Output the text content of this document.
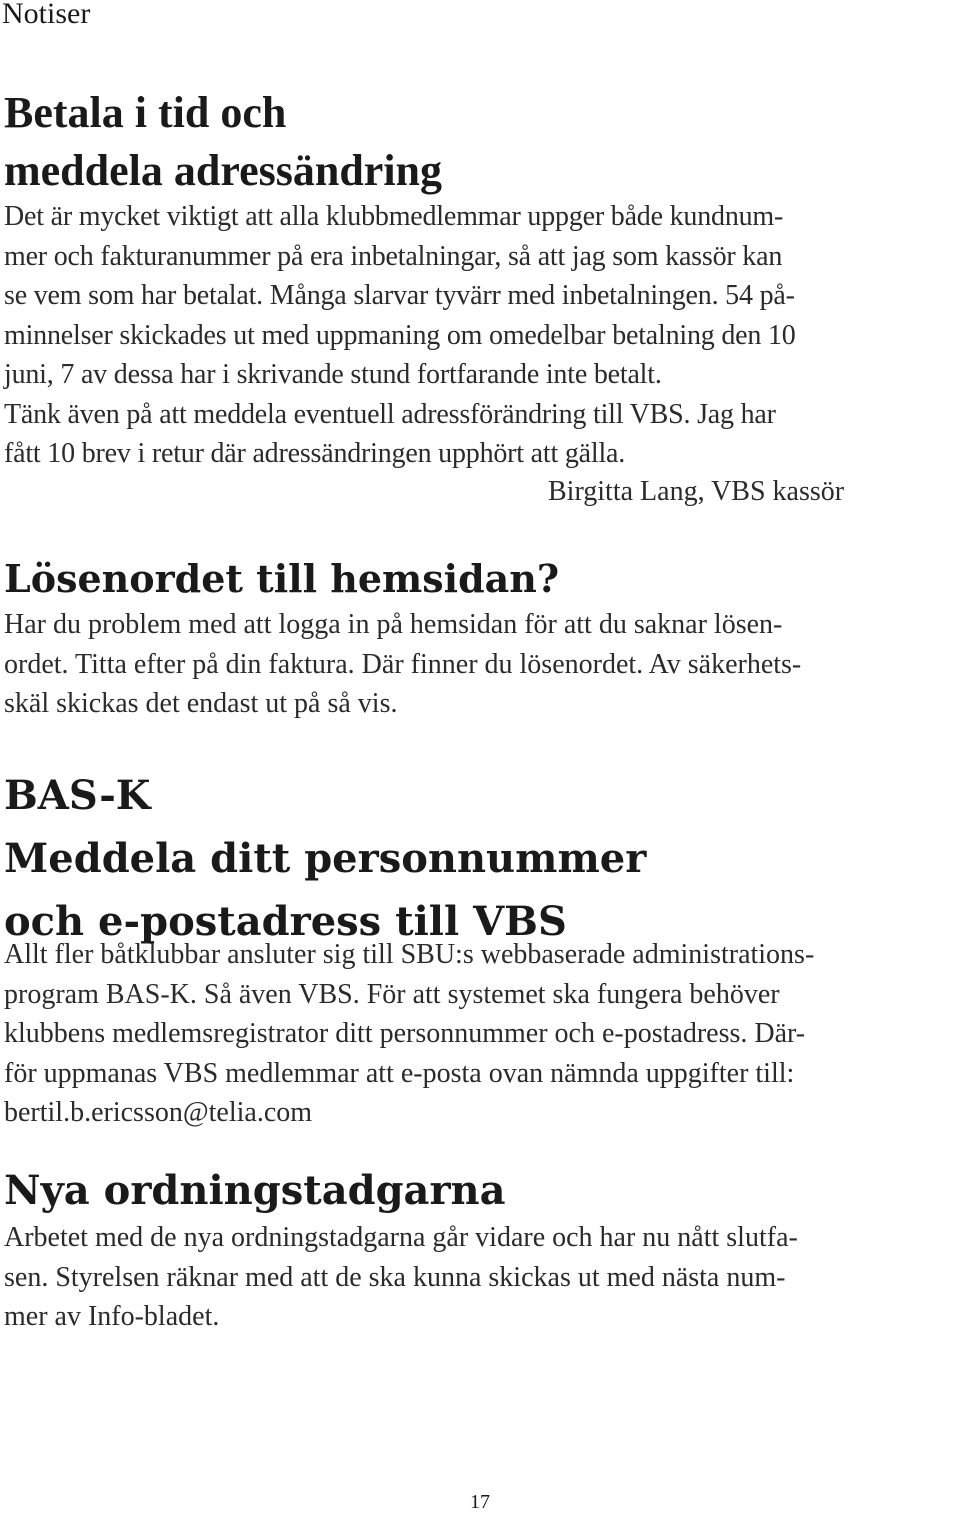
Notiser

Betala i tid och
meddela adressändring
Det är mycket viktigt att alla klubbmedlemmar uppger både kundnum-
mer och fakturanummer på era inbetalningar, så att jag som kassör kan
se vem som har betalat. Många slarvar tyvärr med inbetalningen. 54 på-
minnelser skickades ut med uppmaning om omedelbar betalning den 10
juni, 7 av dessa har i skrivande stund fortfarande inte betalt.
Tänk även på att meddela eventuell adressförändring till VBS. Jag har
fått 10 brev i retur där adressändringen upphört att gälla.

Birgitta Lang, VBS kassör

Lösenordet till hemsidan?
Har du problem med att logga in på hemsidan för att du saknar lösen-
ordet. Titta efter på din faktura. Där finner du lösenordet. Av säkerhets-
skäl skickas det endast ut på så vis.
BAS-K
Meddela ditt personnummer
och e-postadress till VBS
Allt fler båtklubbar ansluter sig till SBU:s webbaserade administrations-
program BAS-K. Så även VBS. För att systemet ska fungera behöver
klubbens medlemsregistrator ditt personnummer och e-postadress. Där-
för uppmanas VBS medlemmar att e-posta ovan nämnda uppgifter till:
bertil.b.ericsson@telia.com
Nya ordningstadgarna
Arbetet med de nya ordningstadgarna går vidare och har nu nått slutfa-
sen. Styrelsen räknar med att de ska kunna skickas ut med nästa num-
mer av Info-bladet.

17
